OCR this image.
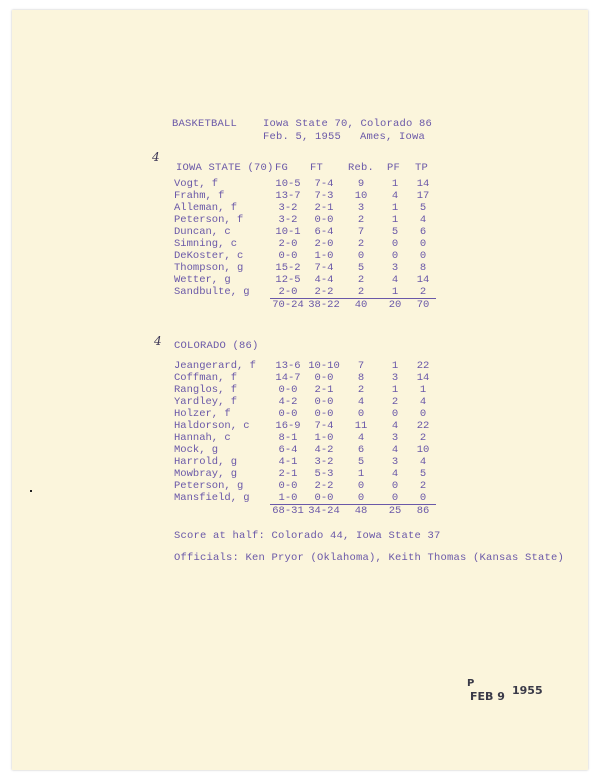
BASKETBALL Iowa State 70, Colorado 86
Feb. 5, 1955 Ames, Iowa
4
IOWA STATE (70) FG FT Reb. PF TP
Vogt, f	10-5	7-4	9	1	14
Frahm, f	13-7	7-3	10	4	17
Alleman, f	3-2	2-1	3	1	5
Peterson, f	3-2	0-0	2	1	4
Duncan, c	10-1	6-4	7	5	6
Simning, c	2-0	2-0	2	0	0
DeKoster, c	0-0	1-0	0	0	0
Thompson, g	15-2	7-4	5	3	8
Wetter, g	12-5	4-4	2	4	14
Sandbulte, g	2-0	2-2	2	1	2
	70-24	38-22	40	20	70
4 COLORADO (86)
Jeangerard, f	13-6	10-10	7	1	22
Coffman, f	14-7	0-0	8	3	14
Ranglos, f	0-0	2-1	2	1	1
Yardley, f	4-2	0-0	4	2	4
Holzer, f	0-0	0-0	0	0	0
Haldorson, c	16-9	7-4	11	4	22
Hannah, c	8-1	1-0	4	3	2
Mock, g	6-4	4-2	6	4	10
Harrold, g	4-1	3-2	5	3	4
Mowbray, g	2-1	5-3	1	4	5
Peterson, g	0-0	2-2	0	0	2
Mansfield, g	1-0	0-0	0	0	0
	68-31	34-24	48	25	86
Score at half: Colorado 44, Iowa State 37
Officials: Ken Pryor (Oklahoma), Keith Thomas (Kansas State)
P
FEB 9 1955
